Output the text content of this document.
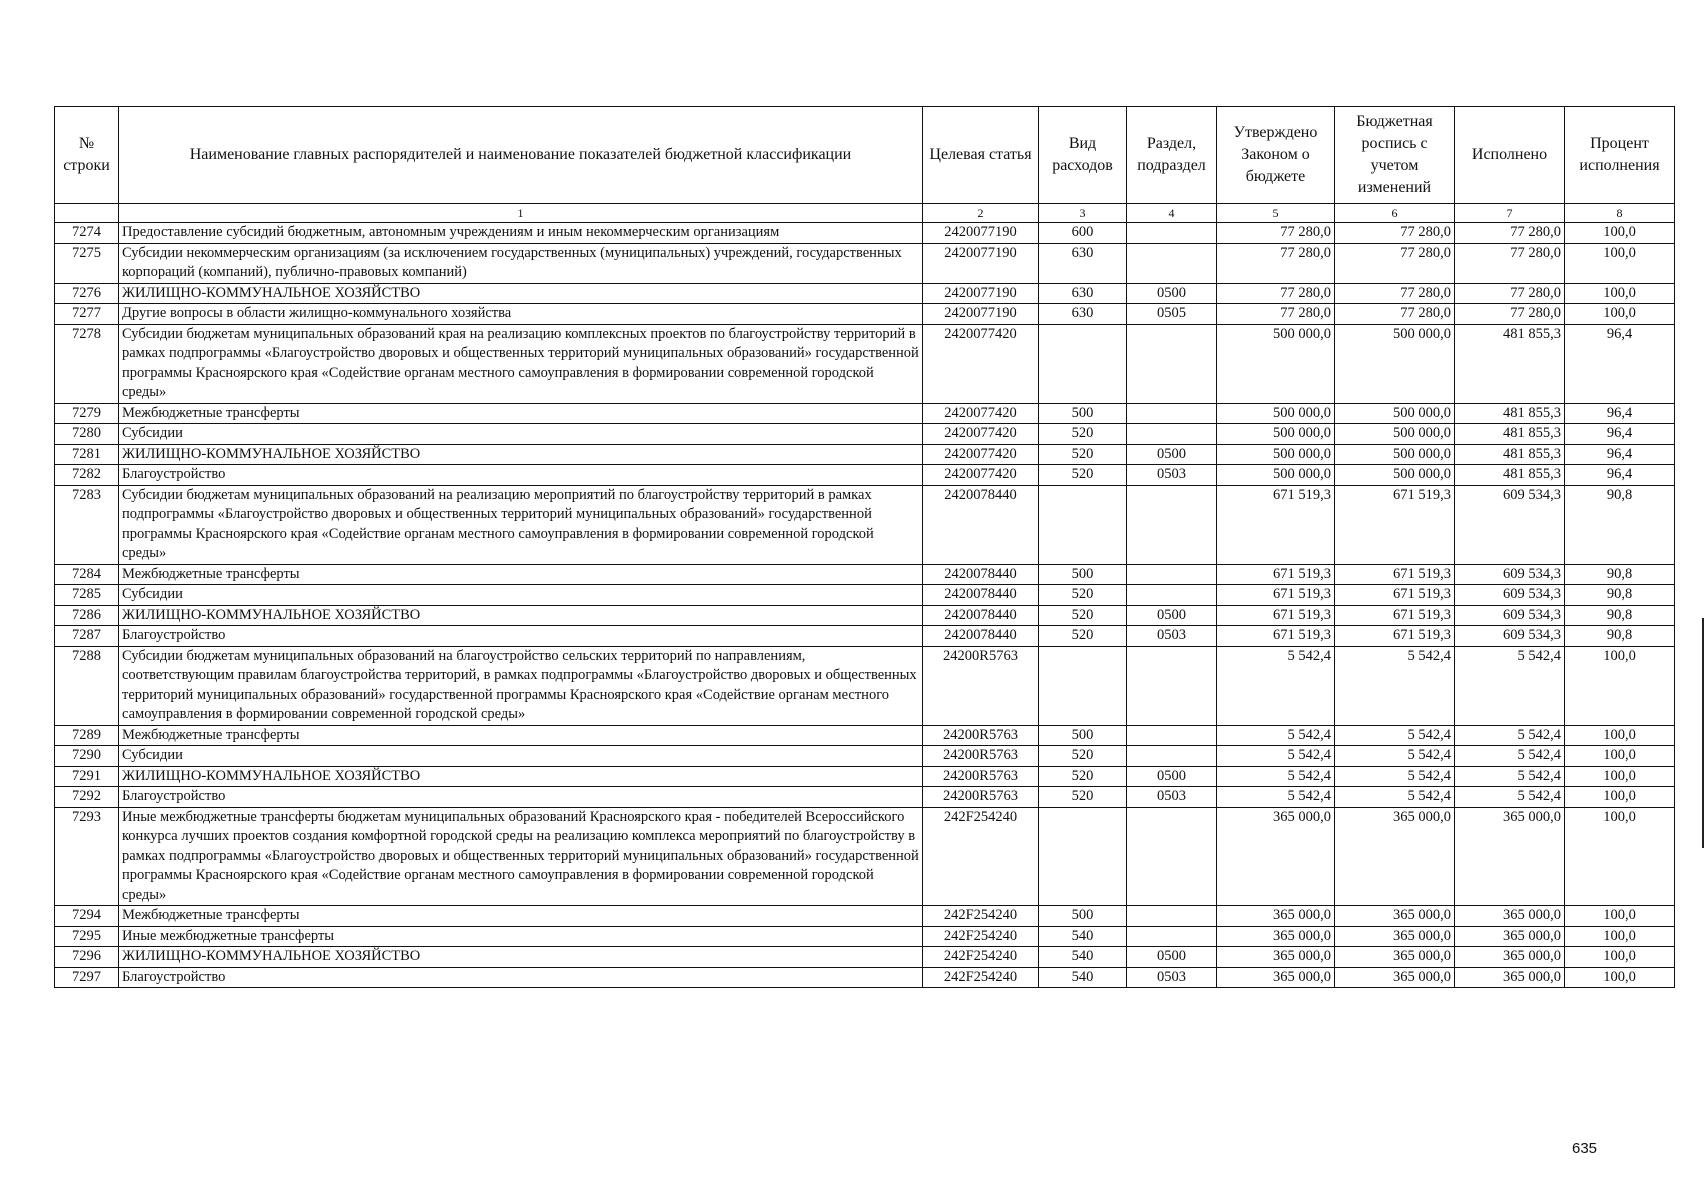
№ строки	Наименование главных распорядителей и наименование показателей бюджетной классификации	Целевая статья	Вид расходов	Раздел, подраздел	Утверждено Законом о бюджете	Бюджетная роспись с учетом изменений	Исполнено	Процент исполнения
	1	2	3	4	5	6	7	8
7274	Предоставление субсидий бюджетным, автономным учреждениям и иным некоммерческим организациям	2420077190	600		77 280,0	77 280,0	77 280,0	100,0
7275	Субсидии некоммерческим организациям (за исключением государственных (муниципальных) учреждений, государственных корпораций (компаний), публично-правовых компаний)	2420077190	630		77 280,0	77 280,0	77 280,0	100,0
7276	ЖИЛИЩНО-КОММУНАЛЬНОЕ ХОЗЯЙСТВО	2420077190	630	0500	77 280,0	77 280,0	77 280,0	100,0
7277	Другие вопросы в области жилищно-коммунального хозяйства	2420077190	630	0505	77 280,0	77 280,0	77 280,0	100,0
7278	Субсидии бюджетам муниципальных образований края на реализацию комплексных проектов по благоустройству территорий в рамках подпрограммы «Благоустройство дворовых и общественных территорий муниципальных образований» государственной программы Красноярского края «Содействие органам местного самоуправления в формировании современной городской среды»	2420077420			500 000,0	500 000,0	481 855,3	96,4
7279	Межбюджетные трансферты	2420077420	500		500 000,0	500 000,0	481 855,3	96,4
7280	Субсидии	2420077420	520		500 000,0	500 000,0	481 855,3	96,4
7281	ЖИЛИЩНО-КОММУНАЛЬНОЕ ХОЗЯЙСТВО	2420077420	520	0500	500 000,0	500 000,0	481 855,3	96,4
7282	Благоустройство	2420077420	520	0503	500 000,0	500 000,0	481 855,3	96,4
7283	Субсидии бюджетам муниципальных образований на реализацию мероприятий по благоустройству территорий в рамках подпрограммы «Благоустройство дворовых и общественных территорий муниципальных образований» государственной программы Красноярского края «Содействие органам местного самоуправления в формировании современной городской среды»	2420078440			671 519,3	671 519,3	609 534,3	90,8
7284	Межбюджетные трансферты	2420078440	500		671 519,3	671 519,3	609 534,3	90,8
7285	Субсидии	2420078440	520		671 519,3	671 519,3	609 534,3	90,8
7286	ЖИЛИЩНО-КОММУНАЛЬНОЕ ХОЗЯЙСТВО	2420078440	520	0500	671 519,3	671 519,3	609 534,3	90,8
7287	Благоустройство	2420078440	520	0503	671 519,3	671 519,3	609 534,3	90,8
7288	Субсидии бюджетам муниципальных образований на благоустройство сельских территорий по направлениям, соответствующим правилам благоустройства территорий, в рамках подпрограммы «Благоустройство дворовых и общественных территорий муниципальных образований» государственной программы Красноярского края «Содействие органам местного самоуправления в формировании современной городской среды»	24200R5763			5 542,4	5 542,4	5 542,4	100,0
7289	Межбюджетные трансферты	24200R5763	500		5 542,4	5 542,4	5 542,4	100,0
7290	Субсидии	24200R5763	520		5 542,4	5 542,4	5 542,4	100,0
7291	ЖИЛИЩНО-КОММУНАЛЬНОЕ ХОЗЯЙСТВО	24200R5763	520	0500	5 542,4	5 542,4	5 542,4	100,0
7292	Благоустройство	24200R5763	520	0503	5 542,4	5 542,4	5 542,4	100,0
7293	Иные межбюджетные трансферты бюджетам муниципальных образований Красноярского края - победителей Всероссийского конкурса лучших проектов создания комфортной городской среды на реализацию комплекса мероприятий по благоустройству в рамках подпрограммы «Благоустройство дворовых и общественных территорий муниципальных образований» государственной программы Красноярского края «Содействие органам местного самоуправления в формировании современной городской среды»	242F254240			365 000,0	365 000,0	365 000,0	100,0
7294	Межбюджетные трансферты	242F254240	500		365 000,0	365 000,0	365 000,0	100,0
7295	Иные межбюджетные трансферты	242F254240	540		365 000,0	365 000,0	365 000,0	100,0
7296	ЖИЛИЩНО-КОММУНАЛЬНОЕ ХОЗЯЙСТВО	242F254240	540	0500	365 000,0	365 000,0	365 000,0	100,0
7297	Благоустройство	242F254240	540	0503	365 000,0	365 000,0	365 000,0	100,0
635
